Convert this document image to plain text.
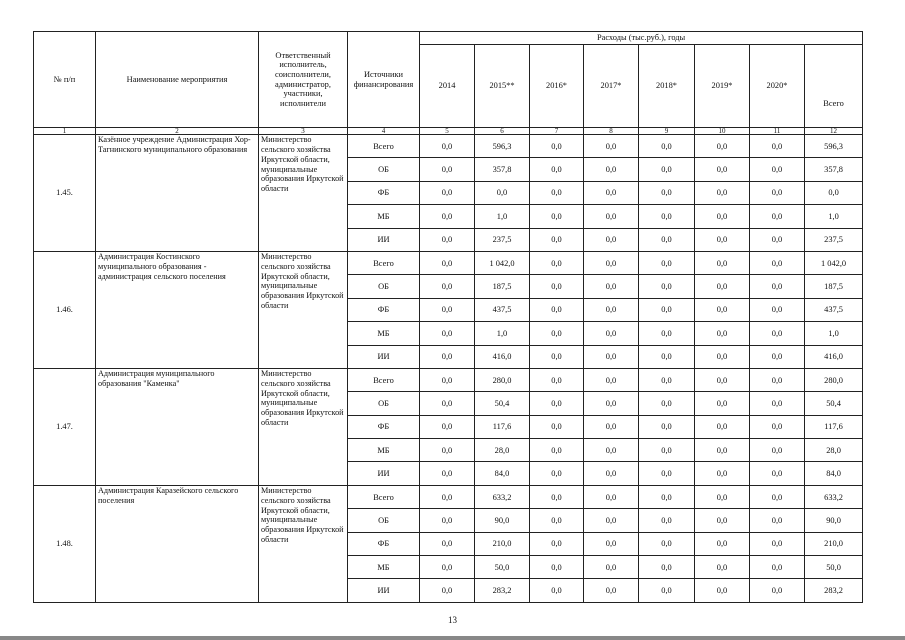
№ п/п	Наименование мероприятия	Ответственный исполнитель, соисполнители, администратор, участники, исполнители	Источники финансирования	Расходы (тыс.руб.), годы							
				2014	2015**	2016*	2017*	2018*	2019*	2020*	Всего
1	2	3	4	5	6	7	8	9	10	11	12
1.45.	Казённое учреждение Администрация Хор-Тагнинского муниципального образования	Министерство сельского хозяйства Иркутской области, муниципальные образования Иркутской области	Всего	0,0	596,3	0,0	0,0	0,0	0,0	0,0	596,3
			ОБ	0,0	357,8	0,0	0,0	0,0	0,0	0,0	357,8
			ФБ	0,0	0,0	0,0	0,0	0,0	0,0	0,0	0,0
			МБ	0,0	1,0	0,0	0,0	0,0	0,0	0,0	1,0
			ИИ	0,0	237,5	0,0	0,0	0,0	0,0	0,0	237,5
1.46.	Администрация Костинского муниципального образования - администрация сельского поселения	Министерство сельского хозяйства Иркутской области, муниципальные образования Иркутской области	Всего	0,0	1 042,0	0,0	0,0	0,0	0,0	0,0	1 042,0
			ОБ	0,0	187,5	0,0	0,0	0,0	0,0	0,0	187,5
			ФБ	0,0	437,5	0,0	0,0	0,0	0,0	0,0	437,5
			МБ	0,0	1,0	0,0	0,0	0,0	0,0	0,0	1,0
			ИИ	0,0	416,0	0,0	0,0	0,0	0,0	0,0	416,0
1.47.	Администрация муниципального образования "Каменка"	Министерство сельского хозяйства Иркутской области, муниципальные образования Иркутской области	Всего	0,0	280,0	0,0	0,0	0,0	0,0	0,0	280,0
			ОБ	0,0	50,4	0,0	0,0	0,0	0,0	0,0	50,4
			ФБ	0,0	117,6	0,0	0,0	0,0	0,0	0,0	117,6
			МБ	0,0	28,0	0,0	0,0	0,0	0,0	0,0	28,0
			ИИ	0,0	84,0	0,0	0,0	0,0	0,0	0,0	84,0
1.48.	Администрация Каразейского сельского поселения	Министерство сельского хозяйства Иркутской области, муниципальные образования Иркутской области	Всего	0,0	633,2	0,0	0,0	0,0	0,0	0,0	633,2
			ОБ	0,0	90,0	0,0	0,0	0,0	0,0	0,0	90,0
			ФБ	0,0	210,0	0,0	0,0	0,0	0,0	0,0	210,0
			МБ	0,0	50,0	0,0	0,0	0,0	0,0	0,0	50,0
			ИИ	0,0	283,2	0,0	0,0	0,0	0,0	0,0	283,2
13
